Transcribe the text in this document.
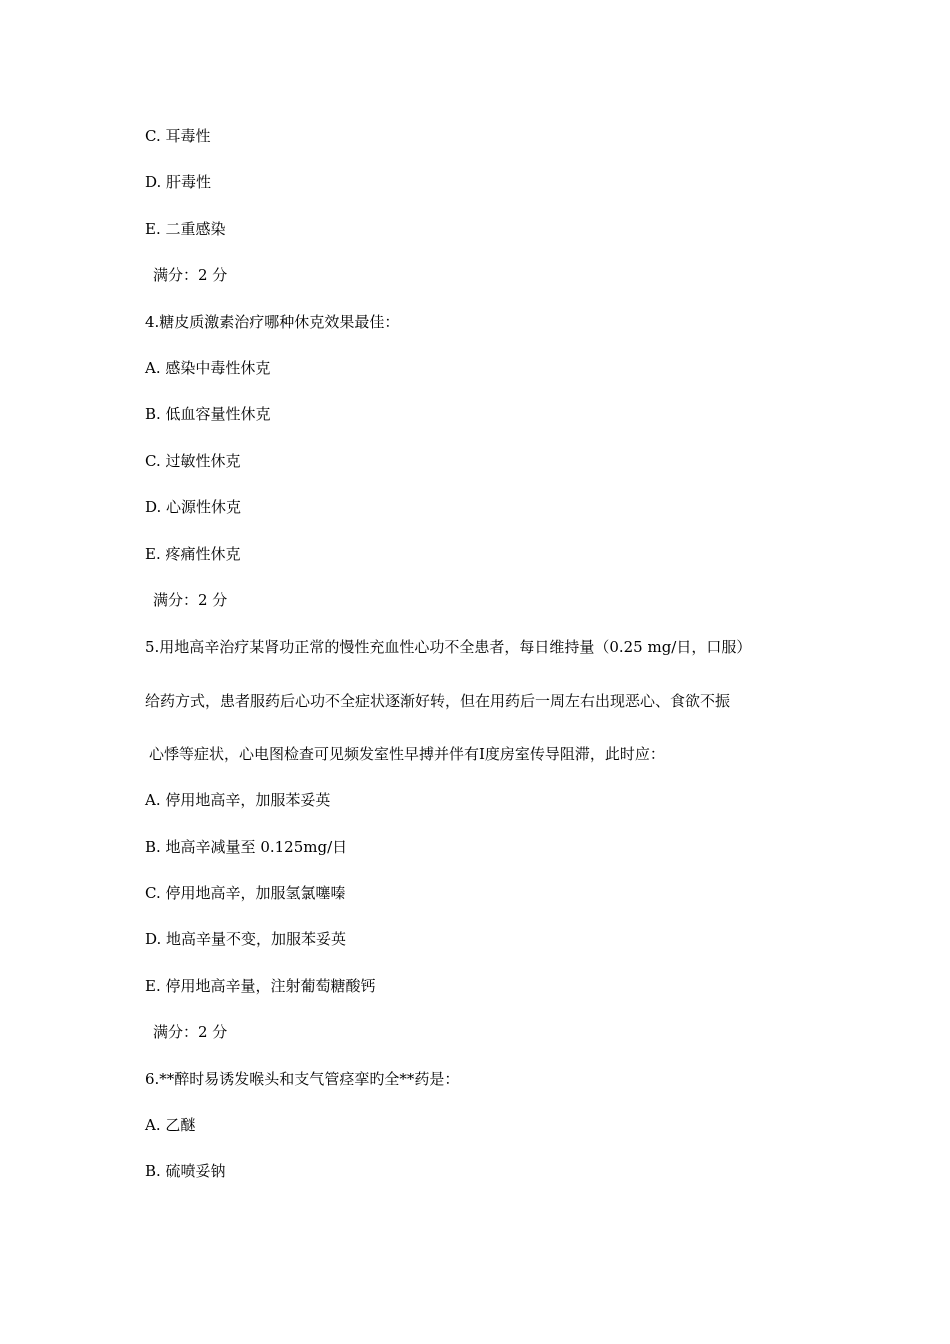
C. 耳毒性
D. 肝毒性
E. 二重感染
满分：2 分
4.糖皮质激素治疗哪种休克效果最佳：
A. 感染中毒性休克
B. 低血容量性休克
C. 过敏性休克
D. 心源性休克
E. 疼痛性休克
满分：2 分
5.用地高辛治疗某肾功正常的慢性充血性心功不全患者，每日维持量（0.25 mg/日，口服）
给药方式，患者服药后心功不全症状逐渐好转，但在用药后一周左右出现恶心、食欲不振
心悸等症状，心电图检查可见频发室性早搏并伴有Ⅰ度房室传导阻滞，此时应：
A. 停用地高辛，加服苯妥英
B. 地高辛减量至 0.125mg/日
C. 停用地高辛，加服氢氯噻嗪
D. 地高辛量不变，加服苯妥英
E. 停用地高辛量，注射葡萄糖酸钙
满分：2 分
6.**醉时易诱发喉头和支气管痉挛旳全**药是：
A. 乙醚
B. 硫喷妥钠
